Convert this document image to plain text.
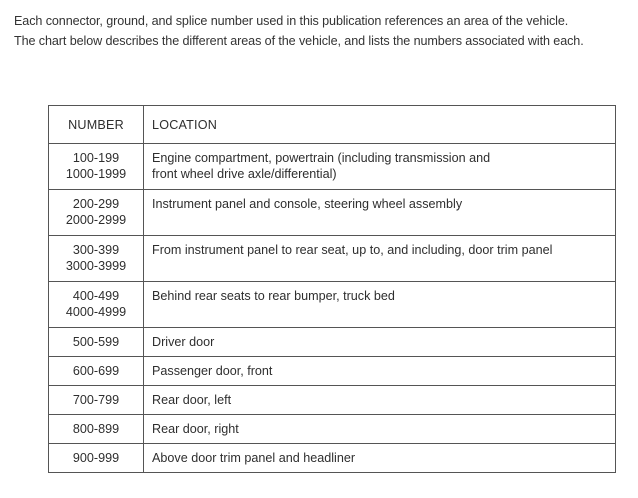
Each connector, ground, and splice number used in this publication references an area of the vehicle.

The chart below describes the different areas of the vehicle, and lists the numbers associated with each.

NUMBER	LOCATION

100-199
1000-1999	Engine compartment, powertrain (including transmission and
front wheel drive axle/differential)

200-299
2000-2999	Instrument panel and console, steering wheel assembly

300-399
3000-3999	From instrument panel to rear seat, up to, and including, door trim panel

400-499
4000-4999	Behind rear seats to rear bumper, truck bed

500-599	Driver door

600-699	Passenger door, front

700-799	Rear door, left

800-899	Rear door, right

900-999	Above door trim panel and headliner
